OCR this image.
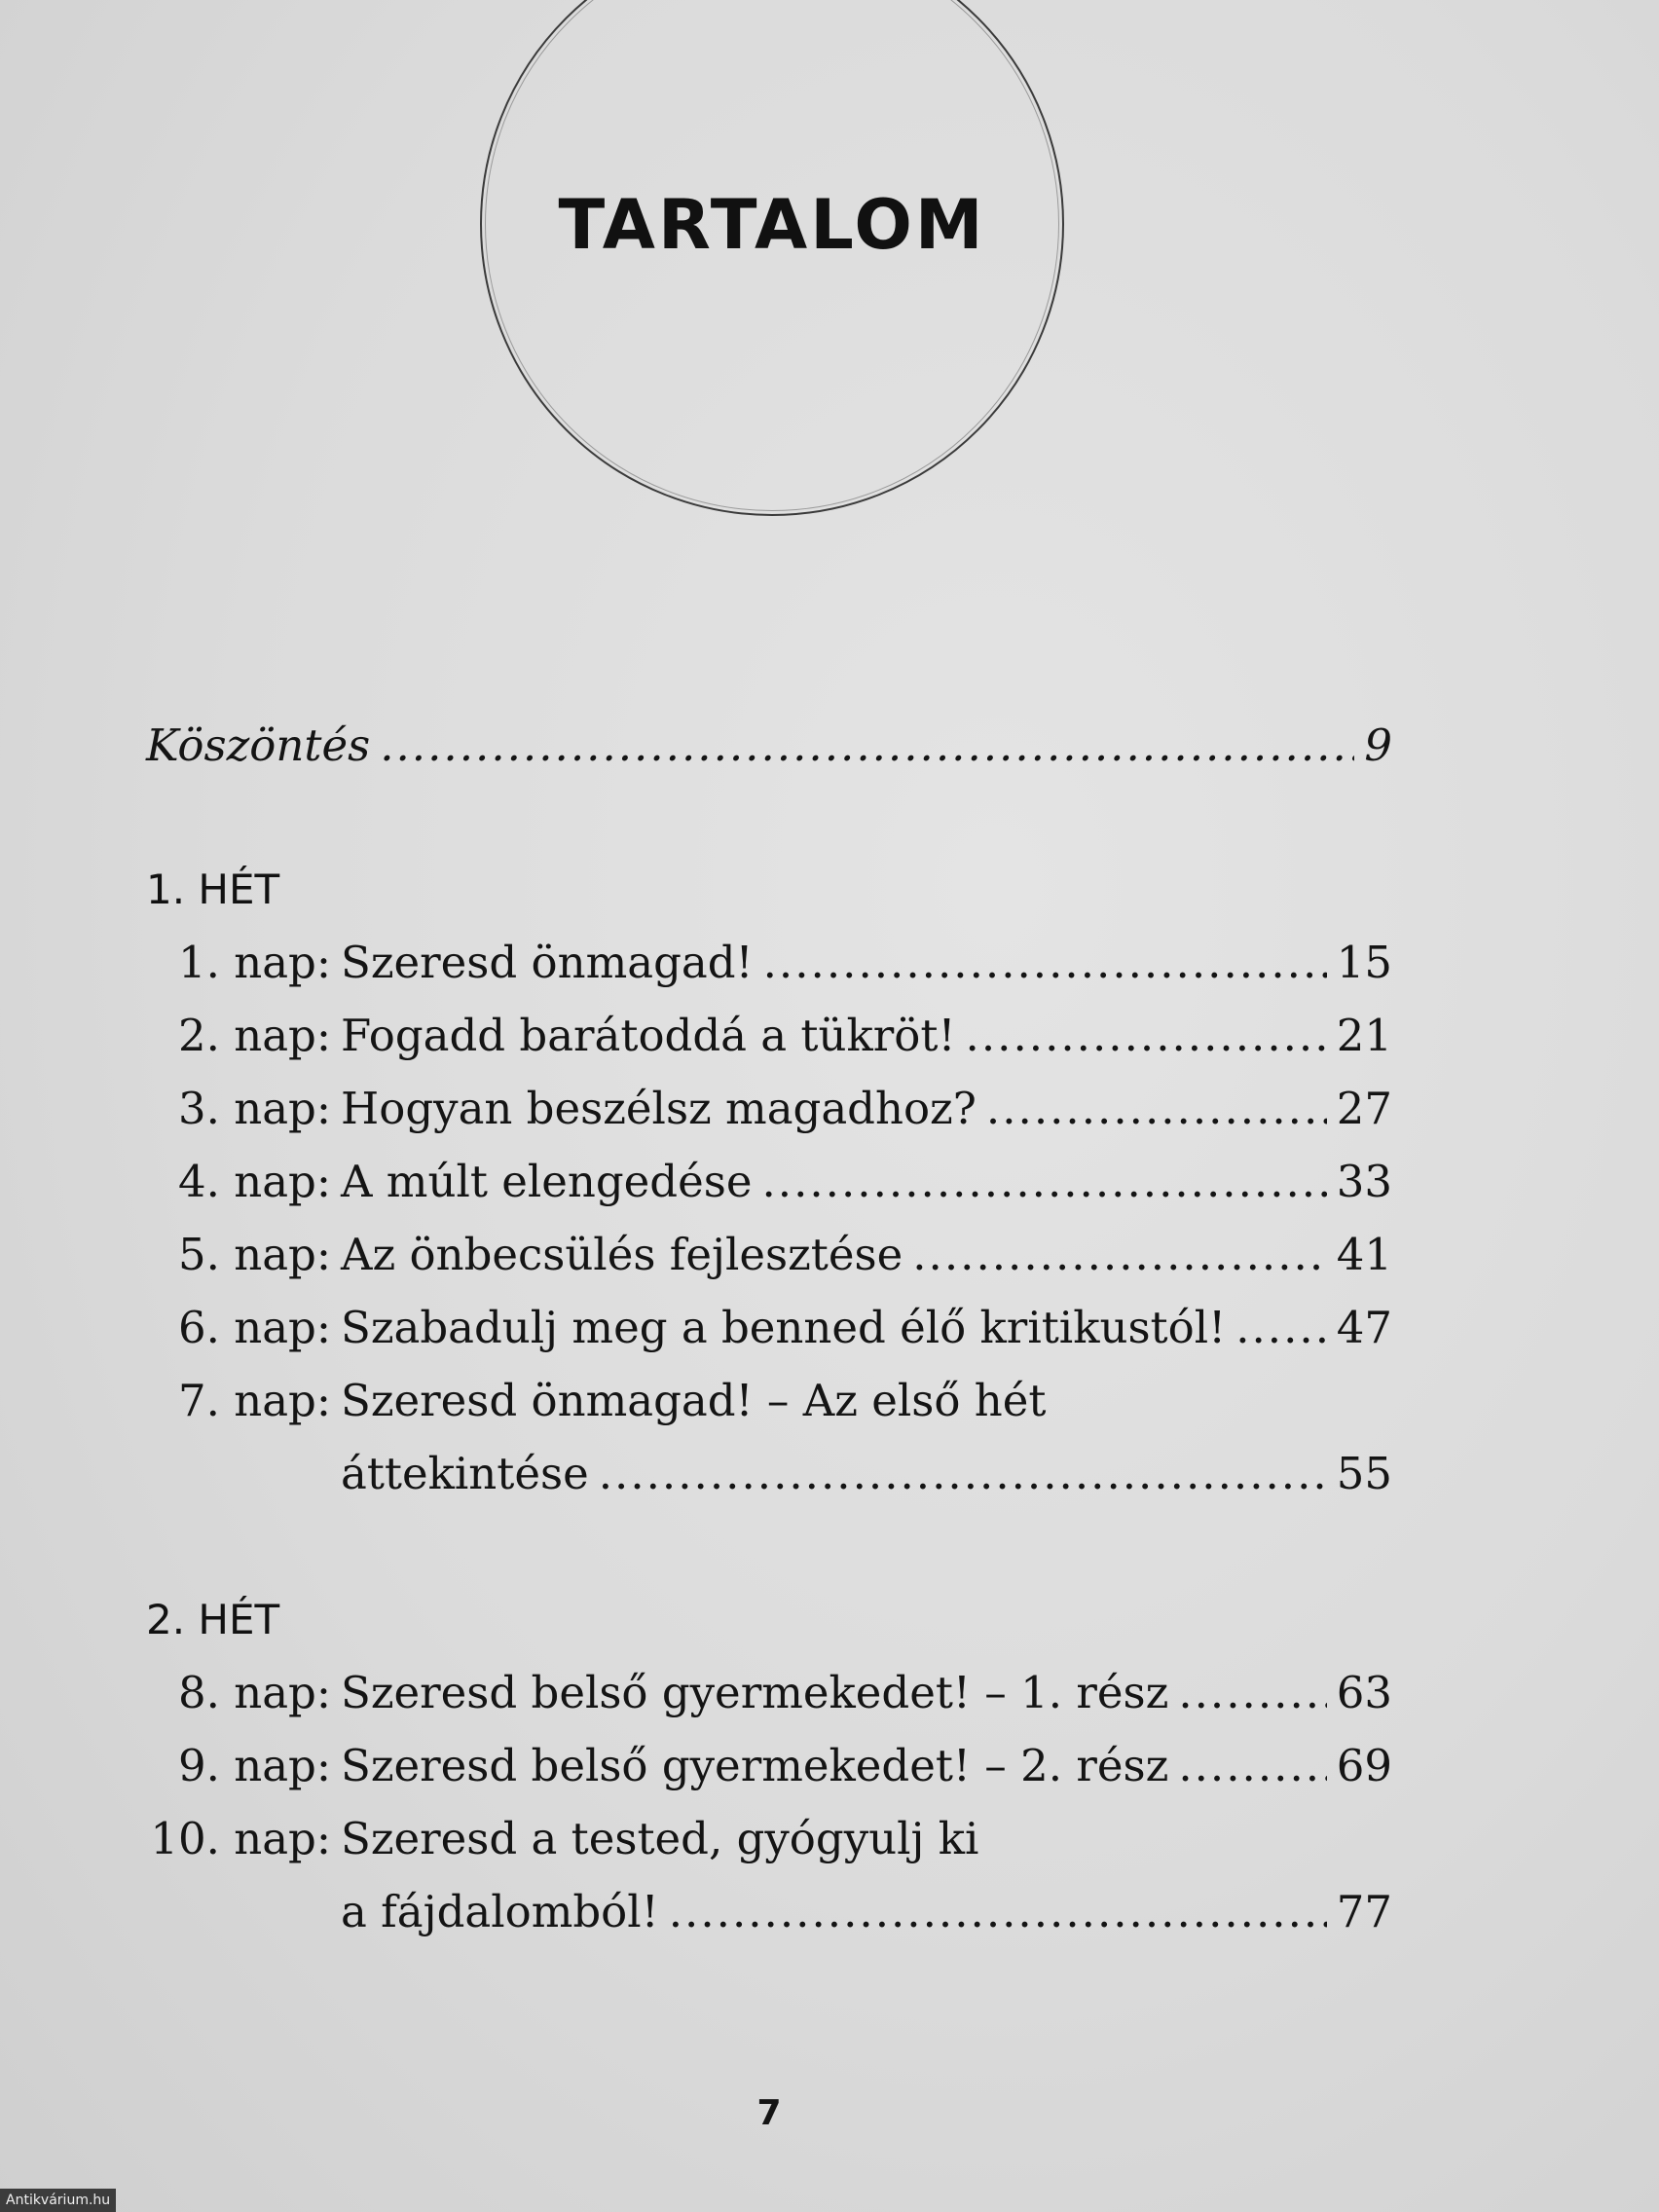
TARTALOM
Köszöntés .....	9
1. HÉT
1. nap: Szeresd önmagad! .....	15
2. nap: Fogadd barátoddá a tükröt! .....	21
3. nap: Hogyan beszélsz magadhoz? .....	27
4. nap: A múlt elengedése .....	33
5. nap: Az önbecsülés fejlesztése .....	41
6. nap: Szabadulj meg a benned élő kritikustól! .....	47
7. nap: Szeresd önmagad! – Az első hét
áttekintése .....	55
2. HÉT
8. nap: Szeresd belső gyermekedet! – 1. rész .....	63
9. nap: Szeresd belső gyermekedet! – 2. rész .....	69
10. nap: Szeresd a tested, gyógyulj ki
a fájdalomból! .....	77
7
Antikvárium.hu
